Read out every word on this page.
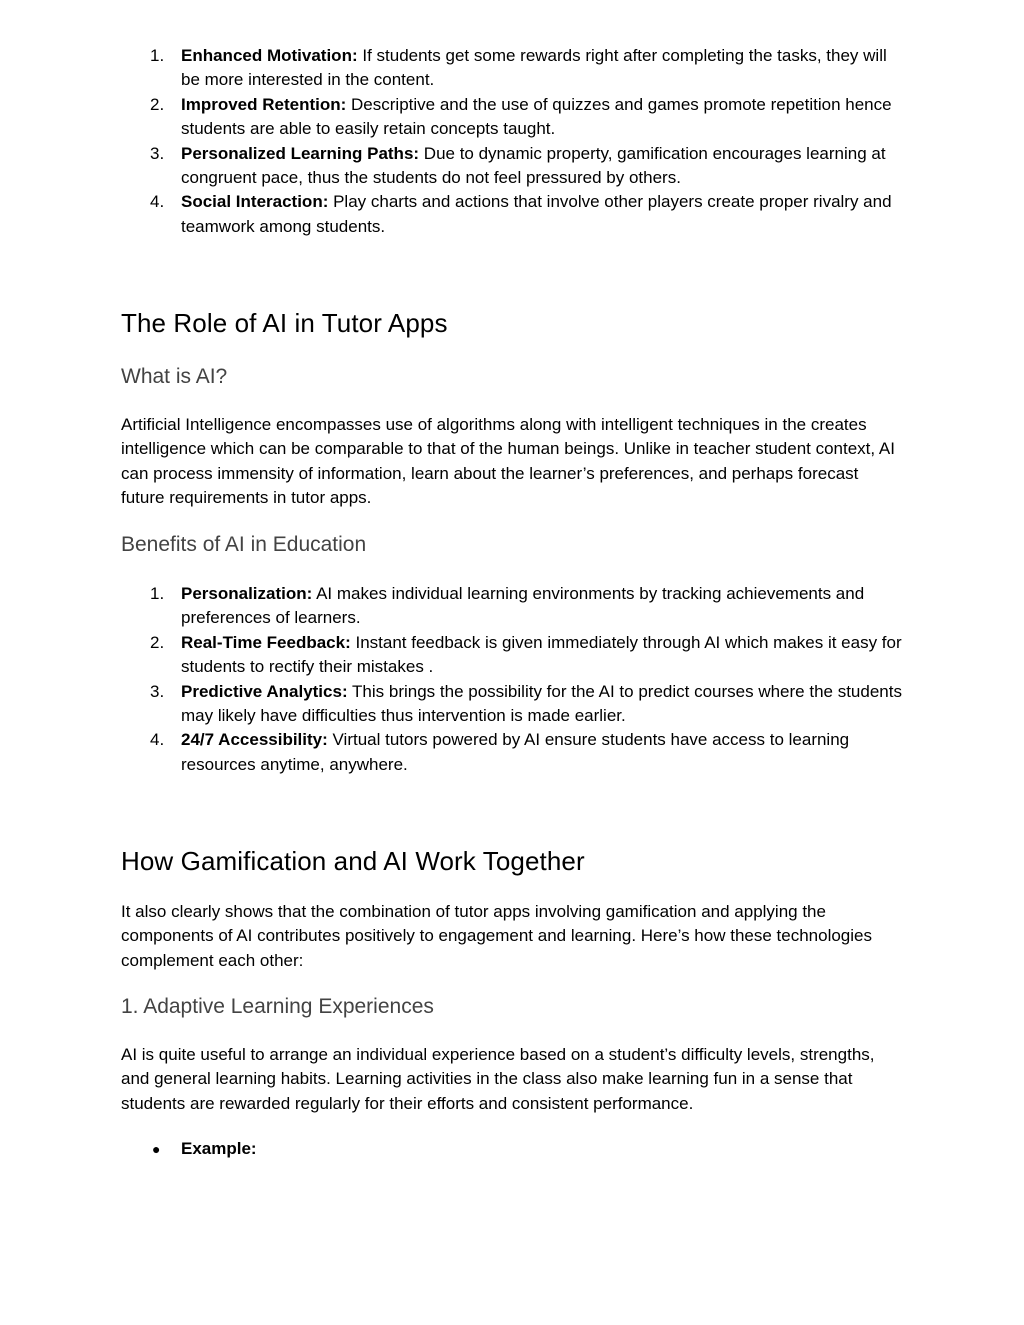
1. Enhanced Motivation: If students get some rewards right after completing the tasks, they will be more interested in the content.
2. Improved Retention: Descriptive and the use of quizzes and games promote repetition hence students are able to easily retain concepts taught.
3. Personalized Learning Paths: Due to dynamic property, gamification encourages learning at congruent pace, thus the students do not feel pressured by others.
4. Social Interaction: Play charts and actions that involve other players create proper rivalry and teamwork among students.
The Role of AI in Tutor Apps
What is AI?

Artificial Intelligence encompasses use of algorithms along with intelligent techniques in the creates intelligence which can be comparable to that of the human beings. Unlike in teacher student context, AI can process immensity of information, learn about the learner’s preferences, and perhaps forecast future requirements in tutor apps.

Benefits of AI in Education
1. Personalization: AI makes individual learning environments by tracking achievements and preferences of learners.
2. Real-Time Feedback: Instant feedback is given immediately through AI which makes it easy for students to rectify their mistakes .
3. Predictive Analytics: This brings the possibility for the AI to predict courses where the students may likely have difficulties thus intervention is made earlier.
4. 24/7 Accessibility: Virtual tutors powered by AI ensure students have access to learning resources anytime, anywhere.
How Gamification and AI Work Together

It also clearly shows that the combination of tutor apps involving gamification and applying the components of AI contributes positively to engagement and learning. Here’s how these technologies complement each other:

1. Adaptive Learning Experiences

AI is quite useful to arrange an individual experience based on a student’s difficulty levels, strengths, and general learning habits. Learning activities in the class also make learning fun in a sense that students are rewarded regularly for their efforts and consistent performance.

● Example:
